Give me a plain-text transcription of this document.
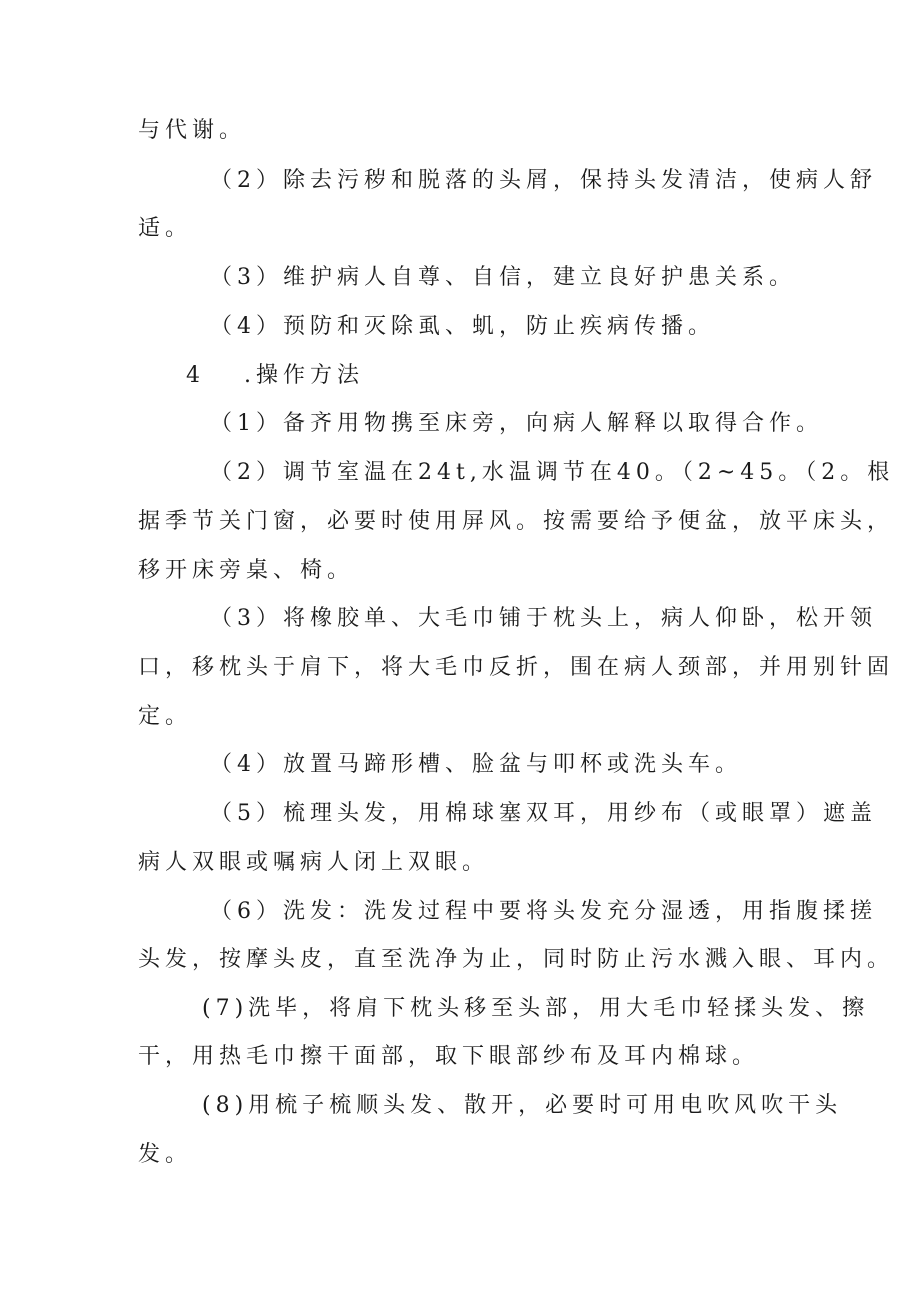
与代谢。
（2）除去污秽和脱落的头屑，保持头发清洁，使病人舒
适。
（3）维护病人自尊、自信，建立良好护患关系。
（4）预防和灭除虱、虮，防止疾病传播。
4 .操作方法
（1）备齐用物携至床旁，向病人解释以取得合作。
（2）调节室温在24t,水温调节在40。（2~45。（2。根
据季节关门窗，必要时使用屏风。按需要给予便盆，放平床头，
移开床旁桌、椅。
（3）将橡胶单、大毛巾铺于枕头上，病人仰卧，松开领
口，移枕头于肩下，将大毛巾反折，围在病人颈部，并用别针固
定。
（4）放置马蹄形槽、脸盆与叩杯或洗头车。
（5）梳理头发，用棉球塞双耳，用纱布（或眼罩）遮盖
病人双眼或嘱病人闭上双眼。
（6）洗发：洗发过程中要将头发充分湿透，用指腹揉搓
头发，按摩头皮，直至洗净为止，同时防止污水溅入眼、耳内。
(7)洗毕，将肩下枕头移至头部，用大毛巾轻揉头发、擦
干，用热毛巾擦干面部，取下眼部纱布及耳内棉球。
(8)用梳子梳顺头发、散开，必要时可用电吹风吹干头
发。
